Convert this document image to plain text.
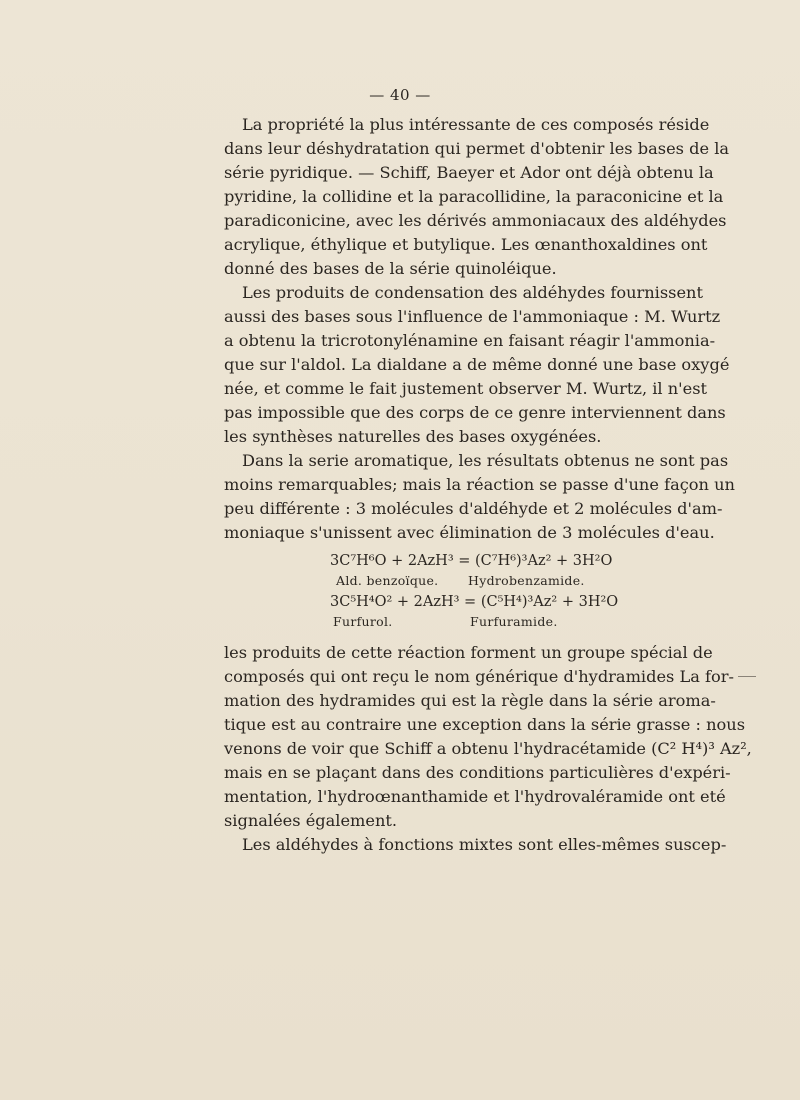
— 40 —
La propriété la plus intéressante de ces composés réside
dans leur déshydratation qui permet d'obtenir les bases de la
série pyridique. — Schiff, Baeyer et Ador ont déjà obtenu la
pyridine, la collidine et la paracollidine, la paraconicine et la
paradiconicine, avec les dérivés ammoniacaux des aldéhydes
acrylique, éthylique et butylique. Les œnanthoxaldines ont
donné des bases de la série quinoléique.
Les produits de condensation des aldéhydes fournissent
aussi des bases sous l'influence de l'ammoniaque : M. Wurtz
a obtenu la tricrotonylénamine en faisant réagir l'ammonia-
que sur l'aldol. La dialdane a de même donné une base oxygé
née, et comme le fait justement observer M. Wurtz, il n'est
pas impossible que des corps de ce genre interviennent dans
les synthèses naturelles des bases oxygénées.
Dans la serie aromatique, les résultats obtenus ne sont pas
moins remarquables; mais la réaction se passe d'une façon un
peu différente : 3 molécules d'aldéhyde et 2 molécules d'am-
moniaque s'unissent avec élimination de 3 molécules d'eau.
3C⁷H⁶O + 2AzH³ = (C⁷H⁶)³Az² + 3H²O
Ald. benzoïque. Hydrobenzamide.
3C⁵H⁴O² + 2AzH³ = (C⁵H⁴)³Az² + 3H²O
Furfurol.	Furfuramide.
les produits de cette réaction forment un groupe spécial de
composés qui ont reçu le nom générique d'hydramides La for-
mation des hydramides qui est la règle dans la série aroma-
tique est au contraire une exception dans la série grasse : nous
venons de voir que Schiff a obtenu l'hydracétamide (C² H⁴)³ Az²,
mais en se plaçant dans des conditions particulières d'expéri-
mentation, l'hydroœnanthamide et l'hydrovaléramide ont eté
signalées également.
Les aldéhydes à fonctions mixtes sont elles-mêmes suscep-
